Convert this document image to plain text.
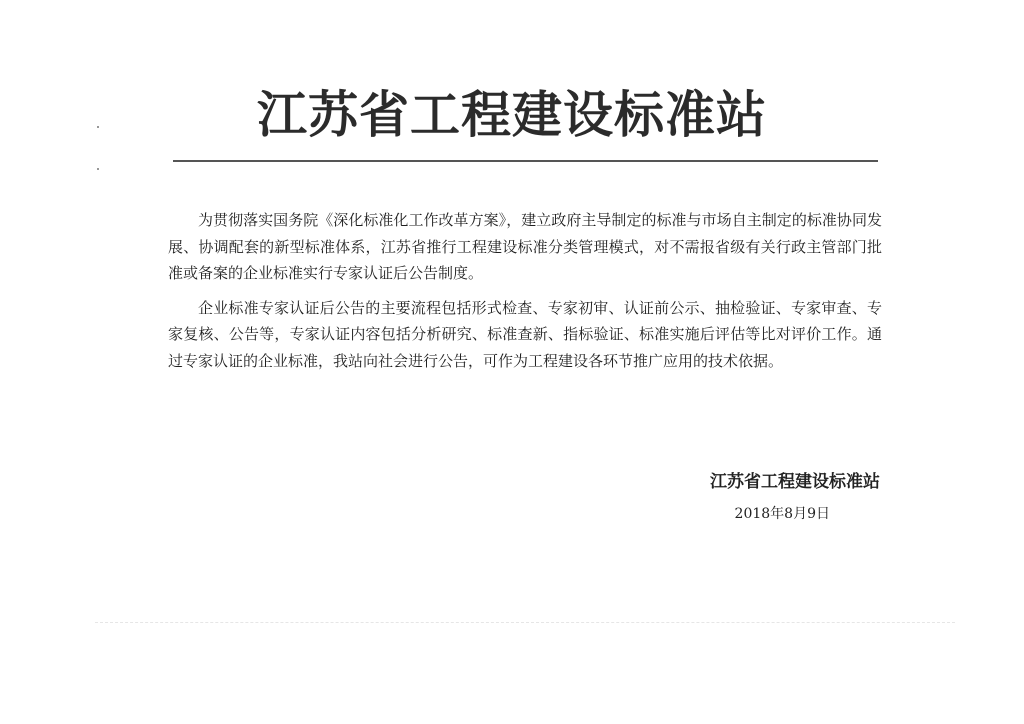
江苏省工程建设标准站

为贯彻落实国务院《深化标准化工作改革方案》，建立政府主导制定的标准与市场自主制定的标准协同发展、协调配套的新型标准体系，江苏省推行工程建设标准分类管理模式，对不需报省级有关行政主管部门批准或备案的企业标准实行专家认证后公告制度。

企业标准专家认证后公告的主要流程包括形式检查、专家初审、认证前公示、抽检验证、专家审查、专家复核、公告等，专家认证内容包括分析研究、标准查新、指标验证、标准实施后评估等比对评价工作。通过专家认证的企业标准，我站向社会进行公告，可作为工程建设各环节推广应用的技术依据。

江苏省工程建设标准站
2018年8月9日
